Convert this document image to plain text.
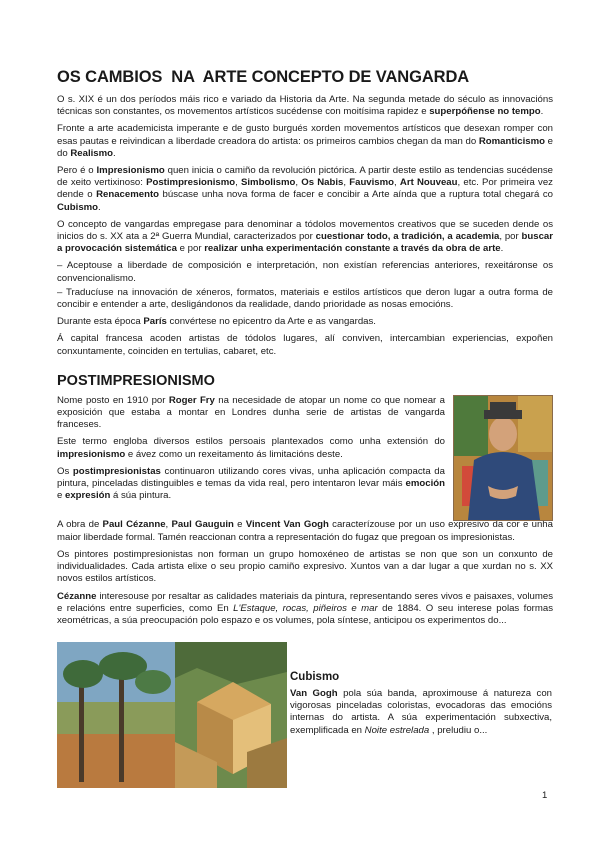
OS CAMBIOS  NA  ARTE CONCEPTO DE VANGARDA

O s. XIX é un dos períodos máis rico e variado da Historia da Arte. Na segunda metade do século as innovacións técnicas son constantes, os movementos artísticos sucédense con moitísima rapidez e superpóñense no tempo.

Fronte a arte academicista imperante e de gusto burgués xorden movementos artísticos que desexan romper con esas pautas e reivindican a liberdade creadora do artista: os primeiros cambios chegan da man do Romanticismo e do Realismo.

Pero é o Impresionismo quen inicia o camiño da revolución pictórica. A partir deste estilo as tendencias sucédense de xeito vertixinoso: Postimpresionismo, Simbolismo, Os Nabis, Fauvismo, Art Nouveau, etc. Por primeira vez dende o Renacemento búscase unha nova forma de facer e concibir a Arte aínda que a ruptura total chegará co Cubismo.

O concepto de vangardas empregase para denominar a tódolos movementos creativos que se suceden dende os inicios do s. XX ata a 2ª Guerra Mundial, caracterizados por cuestionar todo, a tradición, a academia, por buscar a provocación sistemática e por realizar unha experimentación constante a través da obra de arte.

– Aceptouse a liberdade de composición e interpretación, non existían referencias anteriores, rexeitáronse os convencionalismo.

– Traducíuse na innovación de xéneros, formatos, materiais e estilos artísticos que deron lugar a outra forma de concibir e entender a arte, desligándonos da realidade, dando prioridade as nosas emocións.

Durante esta época París convértese no epicentro da Arte e as vangardas.

Á capital francesa acoden artistas de tódolos lugares, alí conviven, intercambian experiencias, expoñen conxuntamente, coinciden en tertulias, cabaret, etc.

POSTIMPRESIONISMO

Nome posto en 1910 por Roger Fry na necesidade de atopar un nome co que nomear a exposición que estaba a montar en Londres dunha serie de artistas de vangarda franceses.

Este termo engloba diversos estilos persoais plantexados como unha extensión do impresionismo e ávez como un rexeitamento ás limitacións deste.

Os postimpresionistas continuaron utilizando cores vivas, unha aplicación compacta da pintura, pinceladas distinguibles e temas da vida real, pero intentaron levar máis emoción e expresión á súa pintura.

A obra de Paul Cézanne, Paul Gauguin e Vincent Van Gogh caracterízouse por un uso expresivo da cor e unha maior liberdade formal. Tamén reaccionan contra a representación do fugaz que pregoan os impresionistas.

Os pintores postimpresionistas non forman un grupo homoxéneo de artistas se non que son un conxunto de individualidades. Cada artista elixe o seu propio camiño expresivo. Xuntos van a dar lugar a que xurdan no s. XX novos estilos artísticos.

Cézanne interesouse por resaltar as calidades materiais da pintura, representando seres vivos e paisaxes, volumes e relacións entre superficies, como En L'Estaque, rocas, piñeiros e mar de 1884. O seu interese polas formas xeométricas, a súa preocupación polo espazo e os volumes, pola síntese, anticipou os experimentos do...

Cubismo

Van Gogh pola súa banda, aproximouse á natureza con vigorosas pinceladas coloristas, evocadoras das emocións internas do artista. A súa experimentación subxectiva, exemplificada en Noite estrelada , preludiu o...

1
